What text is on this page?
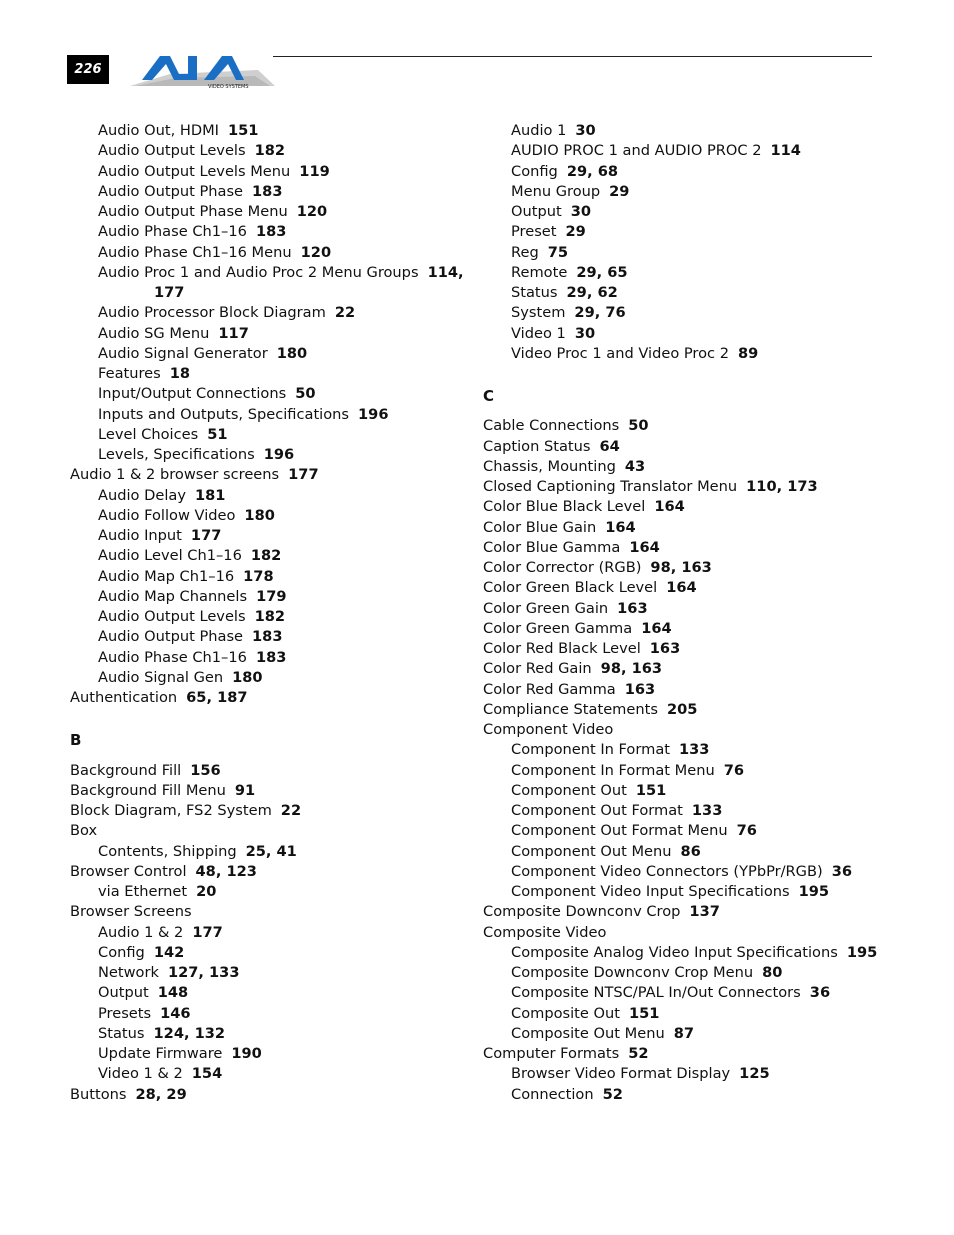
226
VIDEO SYSTEMS
Audio Out, HDMI 151
Audio Output Levels 182
Audio Output Levels Menu 119
Audio Output Phase 183
Audio Output Phase Menu 120
Audio Phase Ch1–16 183
Audio Phase Ch1–16 Menu 120
Audio Proc 1 and Audio Proc 2 Menu Groups 114,
177
Audio Processor Block Diagram 22
Audio SG Menu 117
Audio Signal Generator 180
Features 18
Input/Output Connections 50
Inputs and Outputs, Specifications 196
Level Choices 51
Levels, Specifications 196
Audio 1 & 2 browser screens 177
Audio Delay 181
Audio Follow Video 180
Audio Input 177
Audio Level Ch1–16 182
Audio Map Ch1–16 178
Audio Map Channels 179
Audio Output Levels 182
Audio Output Phase 183
Audio Phase Ch1–16 183
Audio Signal Gen 180
Authentication 65, 187
B
Background Fill 156
Background Fill Menu 91
Block Diagram, FS2 System 22
Box
Contents, Shipping 25, 41
Browser Control 48, 123
via Ethernet 20
Browser Screens
Audio 1 & 2 177
Config 142
Network 127, 133
Output 148
Presets 146
Status 124, 132
Update Firmware 190
Video 1 & 2 154
Buttons 28, 29
Audio 1 30
AUDIO PROC 1 and AUDIO PROC 2 114
Config 29, 68
Menu Group 29
Output 30
Preset 29
Reg 75
Remote 29, 65
Status 29, 62
System 29, 76
Video 1 30
Video Proc 1 and Video Proc 2 89
C
Cable Connections 50
Caption Status 64
Chassis, Mounting 43
Closed Captioning Translator Menu 110, 173
Color Blue Black Level 164
Color Blue Gain 164
Color Blue Gamma 164
Color Corrector (RGB) 98, 163
Color Green Black Level 164
Color Green Gain 163
Color Green Gamma 164
Color Red Black Level 163
Color Red Gain 98, 163
Color Red Gamma 163
Compliance Statements 205
Component Video
Component In Format 133
Component In Format Menu 76
Component Out 151
Component Out Format 133
Component Out Format Menu 76
Component Out Menu 86
Component Video Connectors (YPbPr/RGB) 36
Component Video Input Specifications 195
Composite Downconv Crop 137
Composite Video
Composite Analog Video Input Specifications 195
Composite Downconv Crop Menu 80
Composite NTSC/PAL In/Out Connectors 36
Composite Out 151
Composite Out Menu 87
Computer Formats 52
Browser Video Format Display 125
Connection 52
